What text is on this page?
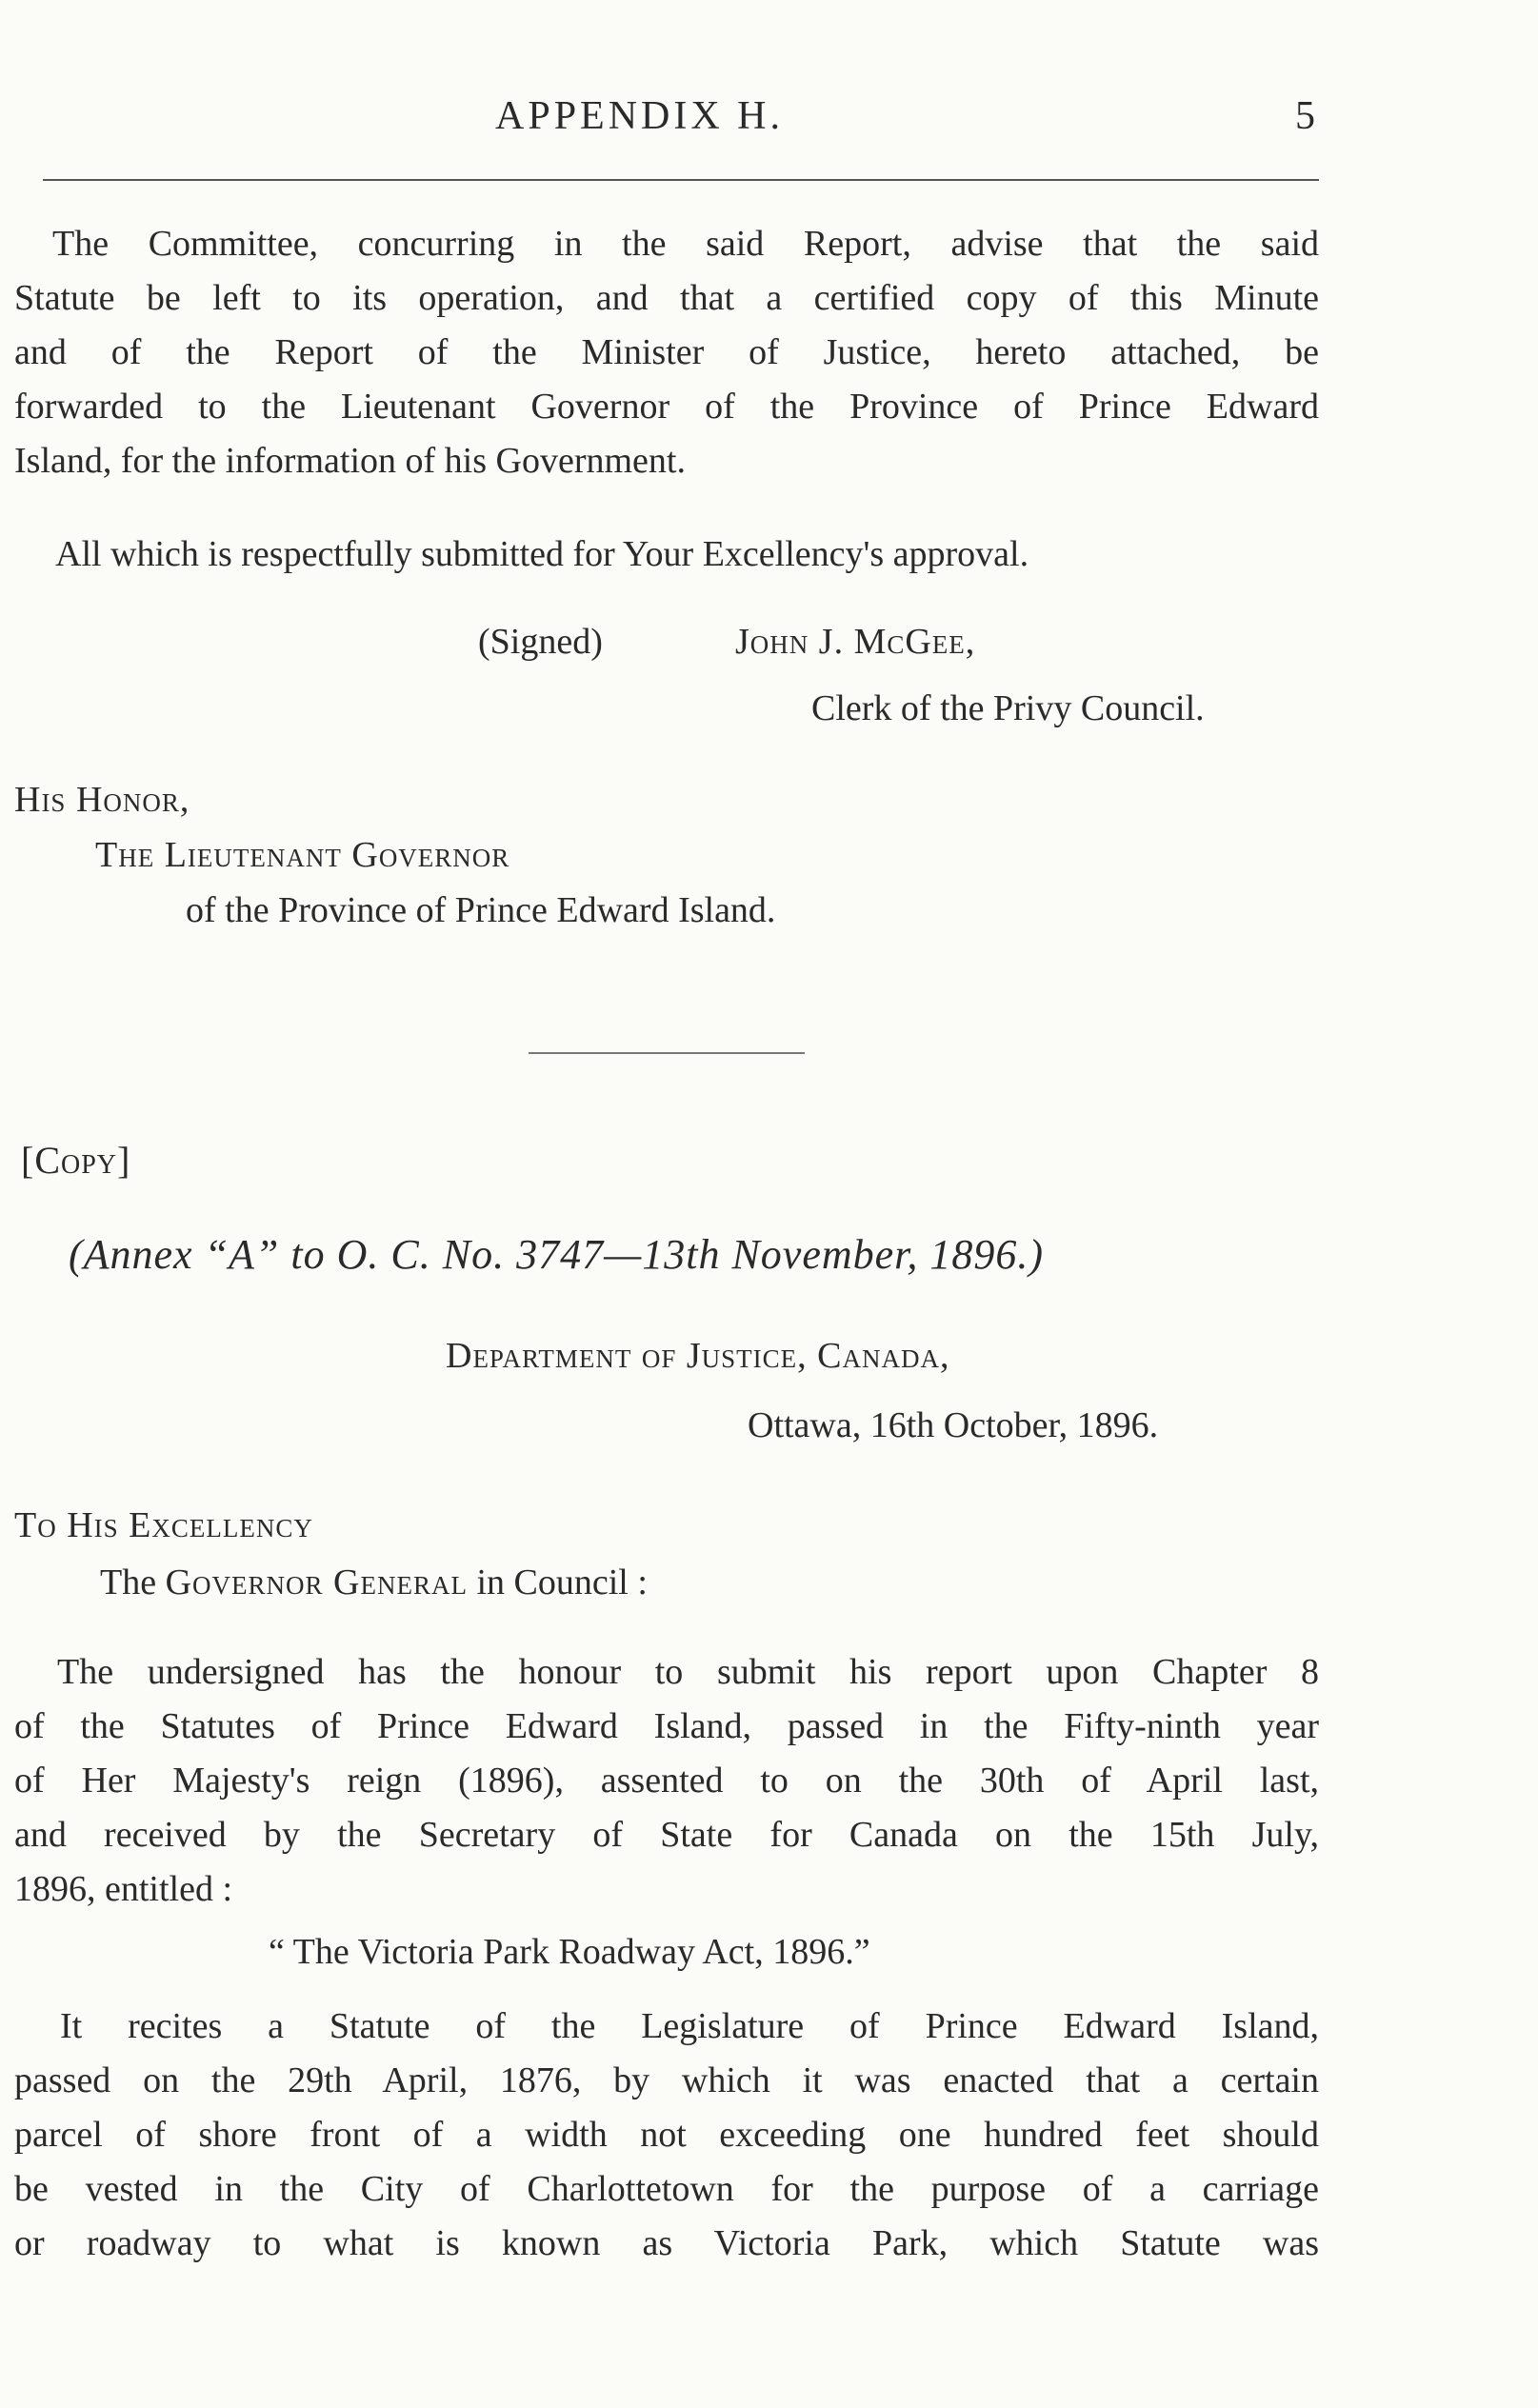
APPENDIX H.	5
The Committee, concurring in the said Report, advise that the said
Statute be left to its operation, and that a certified copy of this Minute
and of the Report of the Minister of Justice, hereto attached, be
forwarded to the Lieutenant Governor of the Province of Prince Edward
Island, for the information of his Government.
All which is respectfully submitted for Your Excellency's approval.
(Signed)	John J. McGee,
Clerk of the Privy Council.
His Honor,
The Lieutenant Governor
of the Province of Prince Edward Island.
[Copy]
(Annex “A” to O. C. No. 3747—13th November, 1896.)
Department of Justice, Canada,
Ottawa, 16th October, 1896.
To His Excellency
The Governor General in Council :
The undersigned has the honour to submit his report upon Chapter 8
of the Statutes of Prince Edward Island, passed in the Fifty-ninth year
of Her Majesty's reign (1896), assented to on the 30th of April last,
and received by the Secretary of State for Canada on the 15th July,
1896, entitled :
“ The Victoria Park Roadway Act, 1896.”
It recites a Statute of the Legislature of Prince Edward Island,
passed on the 29th April, 1876, by which it was enacted that a certain
parcel of shore front of a width not exceeding one hundred feet should
be vested in the City of Charlottetown for the purpose of a carriage
or roadway to what is known as Victoria Park, which Statute was
